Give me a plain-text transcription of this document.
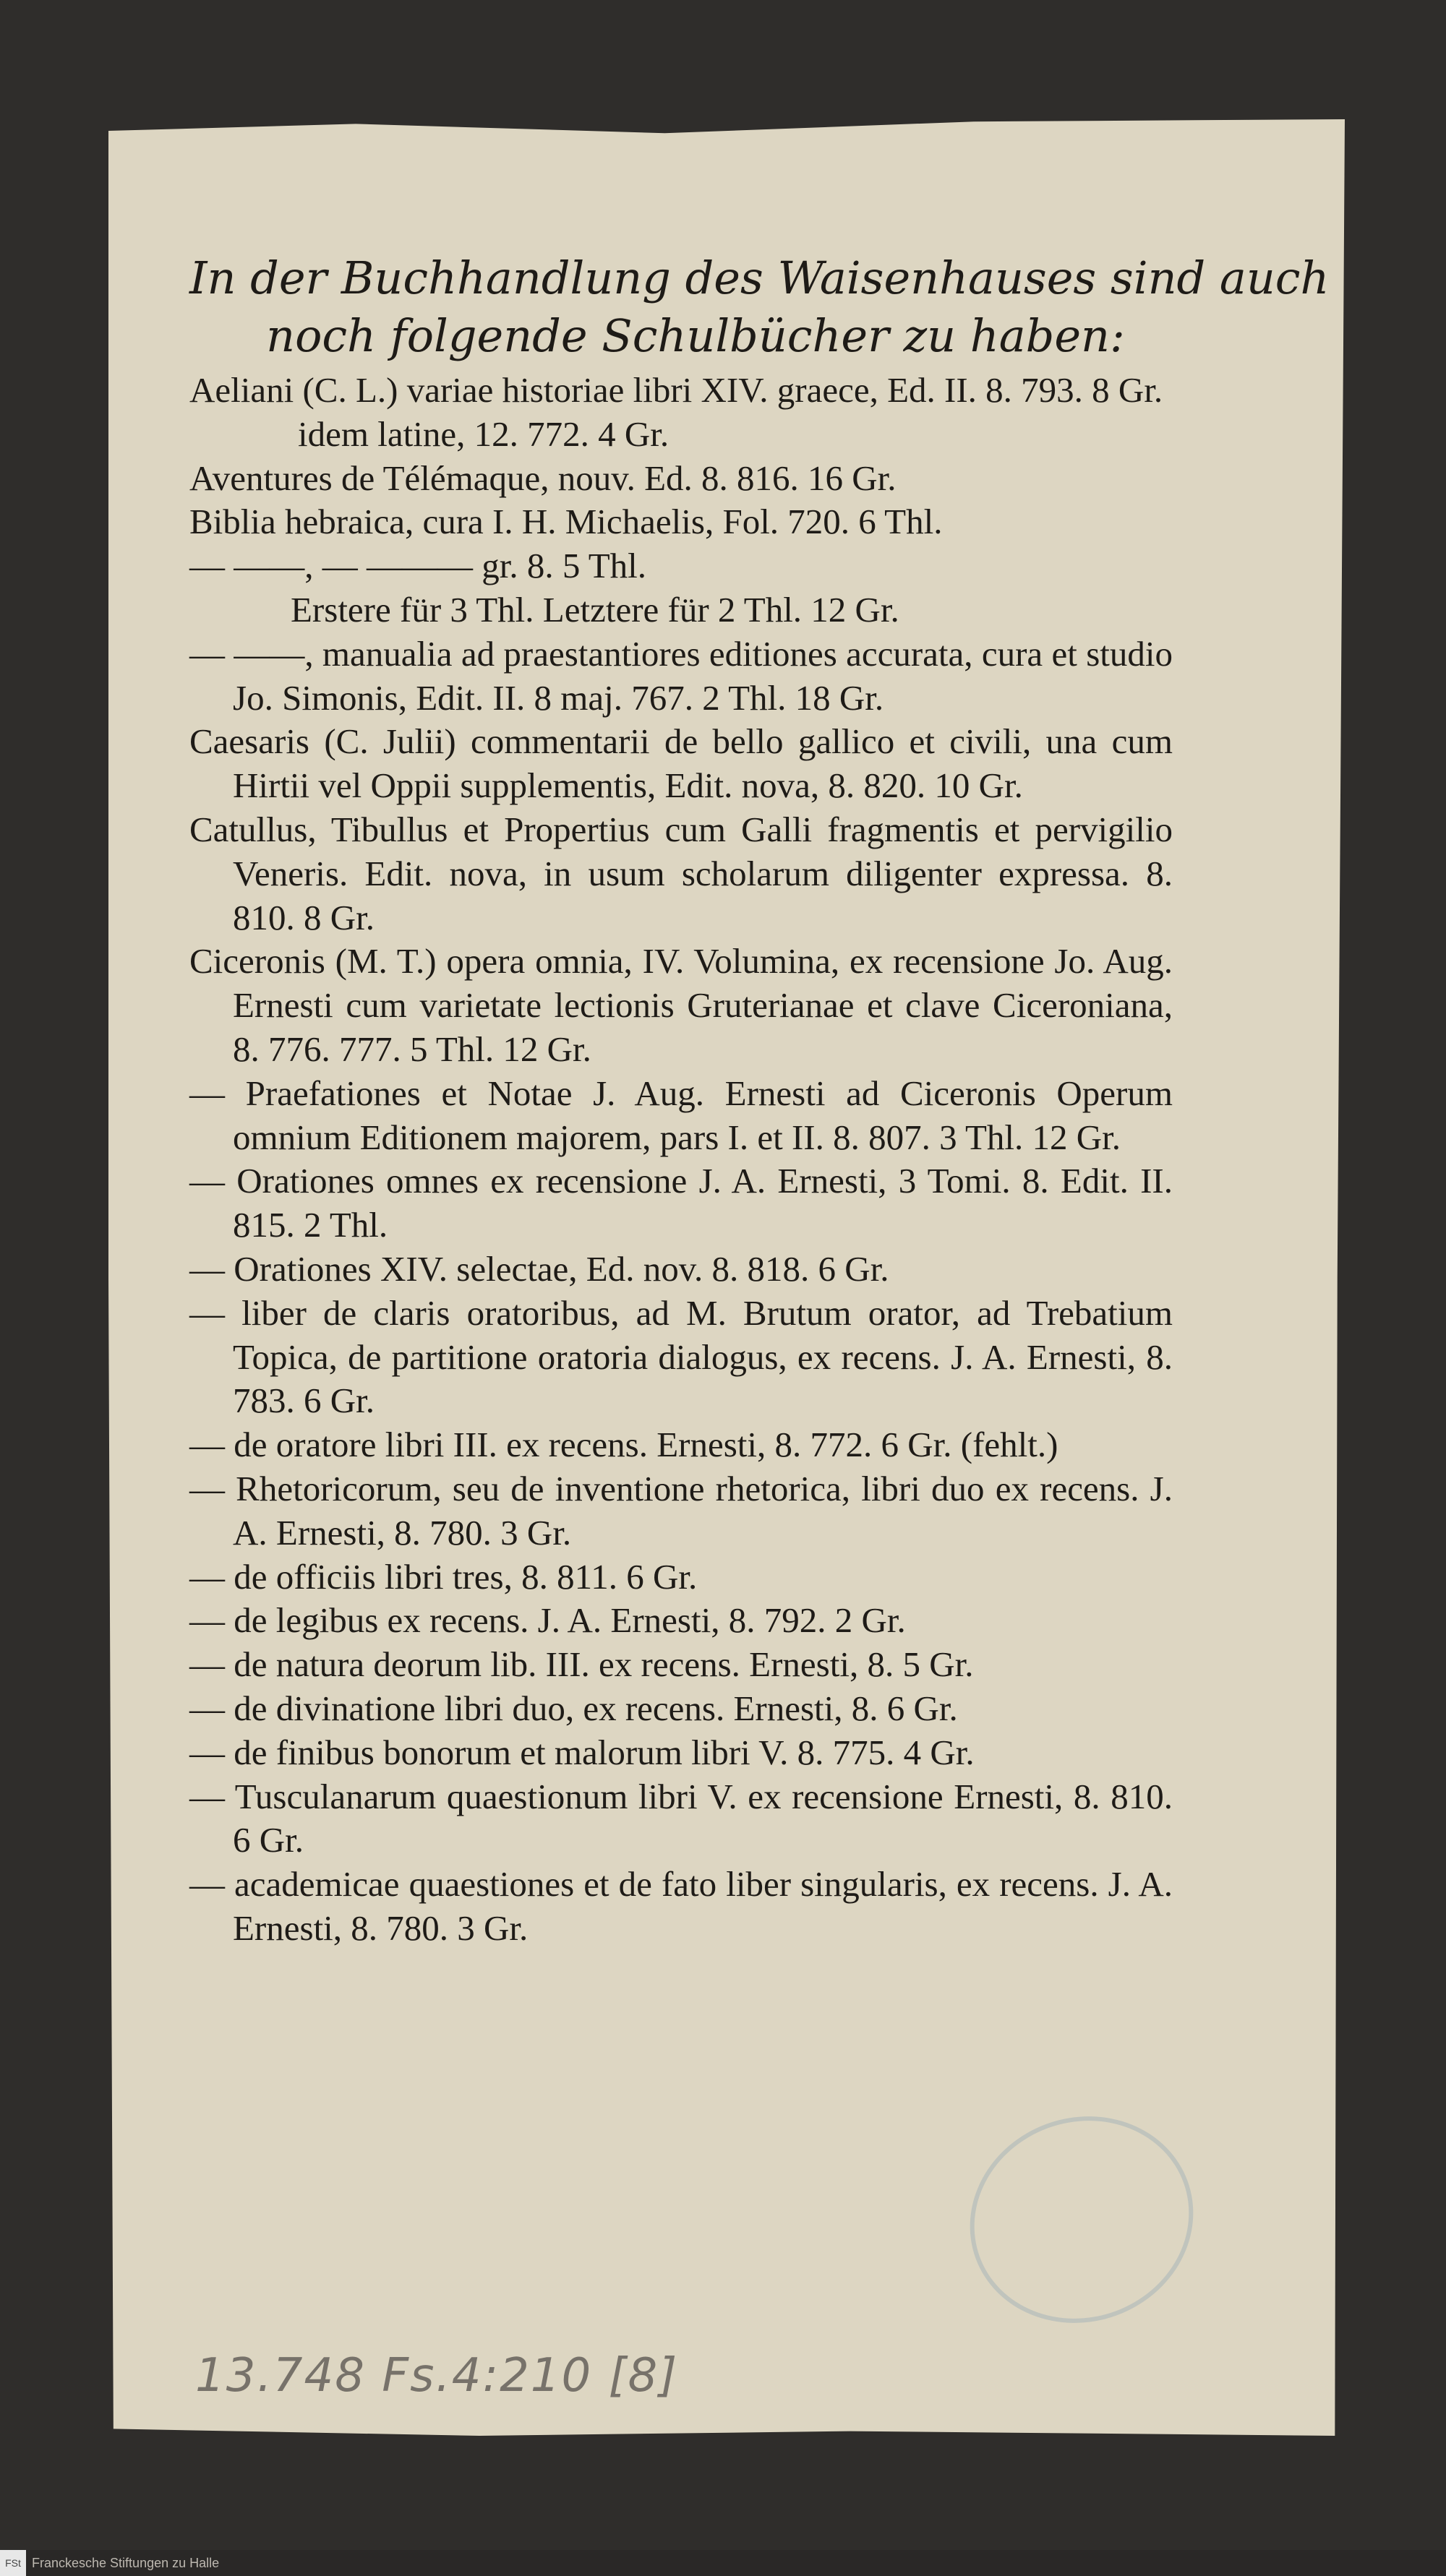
In der Buchhandlung des Waisenhauses sind auch
noch folgende Schulbücher zu haben:
Aeliani (C. L.) variae historiae libri XIV. graece, Ed. II. 8. 793. 8 Gr.
idem latine, 12. 772. 4 Gr.
Aventures de Télémaque, nouv. Ed. 8. 816. 16 Gr.
Biblia hebraica, cura I. H. Michaelis, Fol. 720. 6 Thl.
— ——, — ——— gr. 8. 5 Thl.
Erstere für 3 Thl. Letztere für 2 Thl. 12 Gr.
— ——, manualia ad praestantiores editiones accurata, cura et studio Jo. Simonis, Edit. II. 8 maj. 767. 2 Thl. 18 Gr.
Caesaris (C. Julii) commentarii de bello gallico et civili, una cum Hirtii vel Oppii supplementis, Edit. nova, 8. 820. 10 Gr.
Catullus, Tibullus et Propertius cum Galli fragmentis et pervigilio Veneris. Edit. nova, in usum scholarum diligenter expressa. 8. 810. 8 Gr.
Ciceronis (M. T.) opera omnia, IV. Volumina, ex recensione Jo. Aug. Ernesti cum varietate lectionis Gruterianae et clave Ciceroniana, 8. 776. 777. 5 Thl. 12 Gr.
— Praefationes et Notae J. Aug. Ernesti ad Ciceronis Operum omnium Editionem majorem, pars I. et II. 8. 807. 3 Thl. 12 Gr.
— Orationes omnes ex recensione J. A. Ernesti, 3 Tomi. 8. Edit. II. 815. 2 Thl.
— Orationes XIV. selectae, Ed. nov. 8. 818. 6 Gr.
— liber de claris oratoribus, ad M. Brutum orator, ad Trebatium Topica, de partitione oratoria dialogus, ex recens. J. A. Ernesti, 8. 783. 6 Gr.
— de oratore libri III. ex recens. Ernesti, 8. 772. 6 Gr. (fehlt.)
— Rhetoricorum, seu de inventione rhetorica, libri duo ex recens. J. A. Ernesti, 8. 780. 3 Gr.
— de officiis libri tres, 8. 811. 6 Gr.
— de legibus ex recens. J. A. Ernesti, 8. 792. 2 Gr.
— de natura deorum lib. III. ex recens. Ernesti, 8. 5 Gr.
— de divinatione libri duo, ex recens. Ernesti, 8. 6 Gr.
— de finibus bonorum et malorum libri V. 8. 775. 4 Gr.
— Tusculanarum quaestionum libri V. ex recensione Ernesti, 8. 810. 6 Gr.
— academicae quaestiones et de fato liber singularis, ex recens. J. A. Ernesti, 8. 780. 3 Gr.
13.748 Fs.4:210 [8]
FSt Franckesche Stiftungen zu Halle
